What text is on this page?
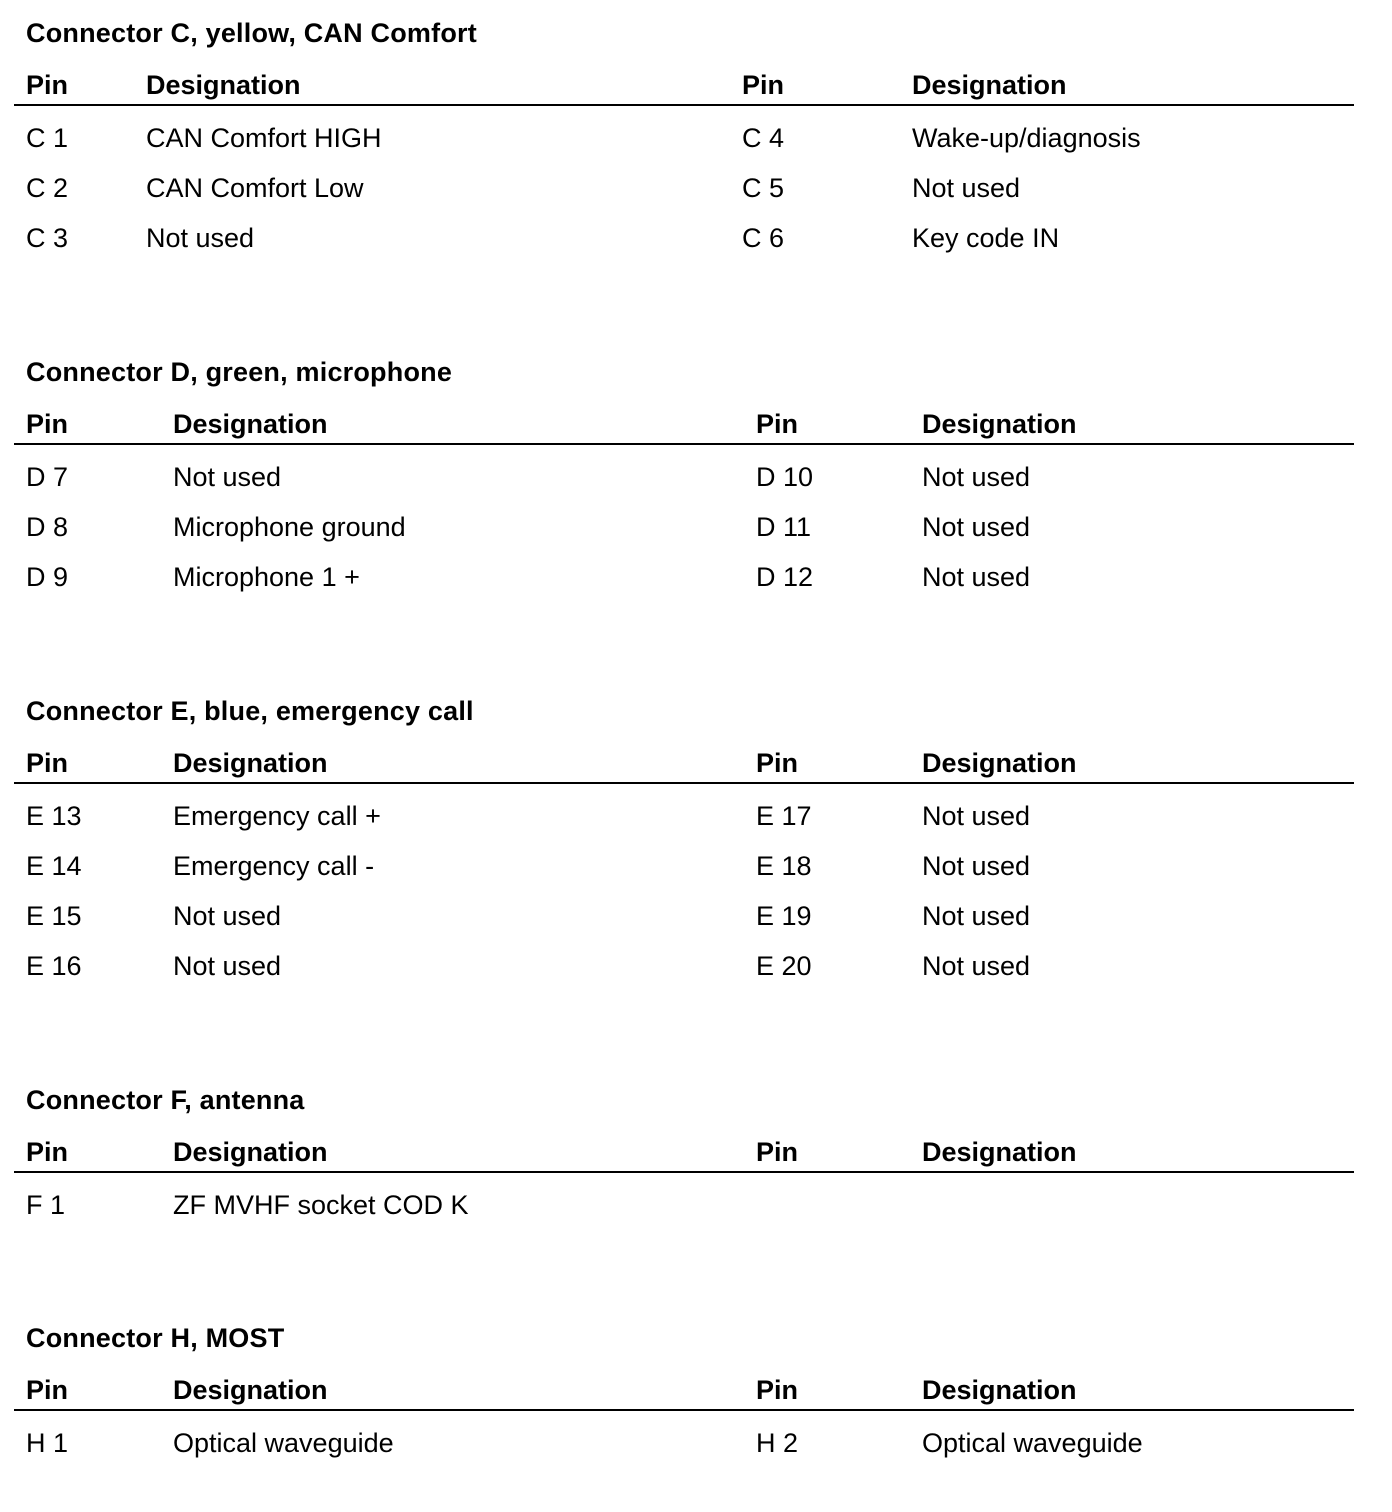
Connector C, yellow, CAN Comfort
Pin	Designation	Pin	Designation
C 1	CAN Comfort HIGH	C 4	Wake-up/diagnosis
C 2	CAN Comfort Low	C 5	Not used
C 3	Not used	C 6	Key code IN
Connector D, green, microphone
Pin	Designation	Pin	Designation
D 7	Not used	D 10	Not used
D 8	Microphone ground	D 11	Not used
D 9	Microphone 1 +	D 12	Not used
Connector E, blue, emergency call
Pin	Designation	Pin	Designation
E 13	Emergency call +	E 17	Not used
E 14	Emergency call -	E 18	Not used
E 15	Not used	E 19	Not used
E 16	Not used	E 20	Not used
Connector F, antenna
Pin	Designation	Pin	Designation
F 1	ZF MVHF socket COD K
Connector H, MOST
Pin	Designation	Pin	Designation
H 1	Optical waveguide	H 2	Optical waveguide
